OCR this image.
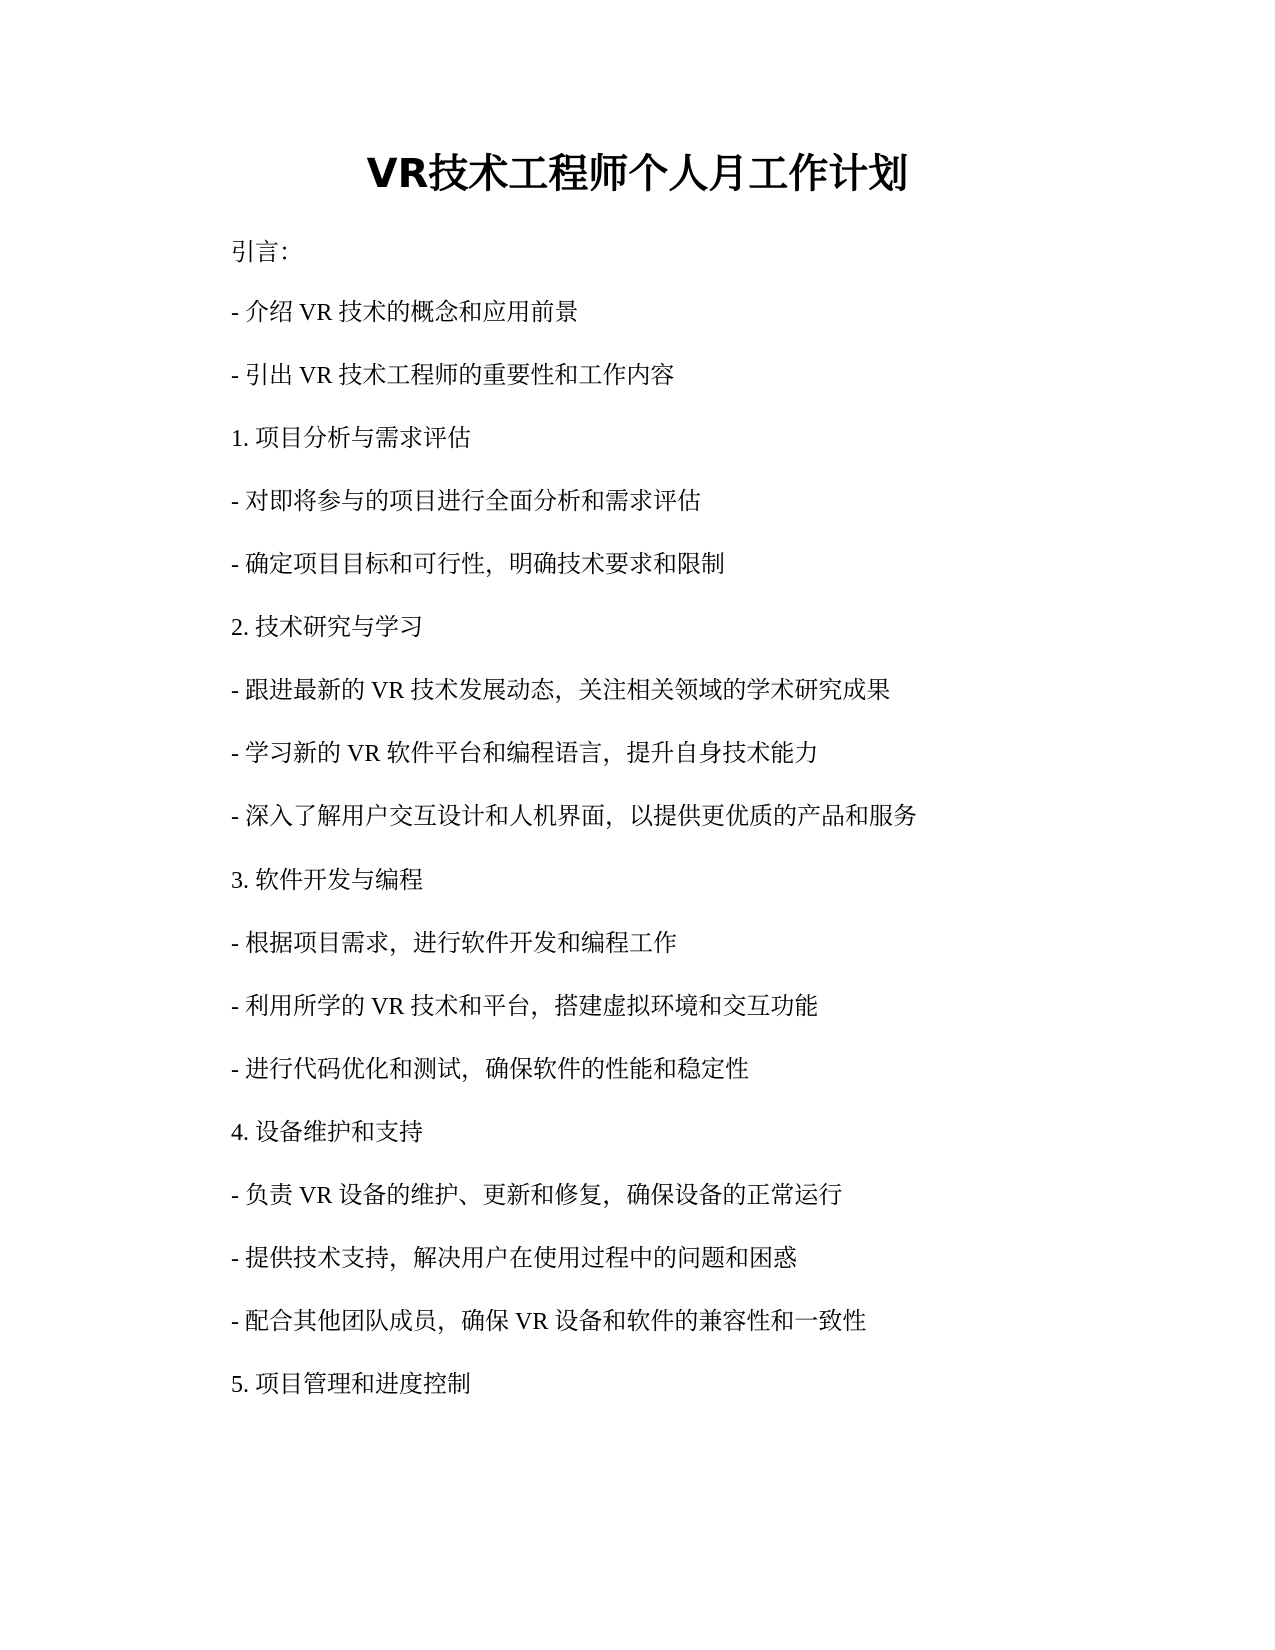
VR技术工程师个人月工作计划
引言：
- 介绍 VR 技术的概念和应用前景
- 引出 VR 技术工程师的重要性和工作内容
1. 项目分析与需求评估
- 对即将参与的项目进行全面分析和需求评估
- 确定项目目标和可行性，明确技术要求和限制
2. 技术研究与学习
- 跟进最新的 VR 技术发展动态，关注相关领域的学术研究成果
- 学习新的 VR 软件平台和编程语言，提升自身技术能力
- 深入了解用户交互设计和人机界面，以提供更优质的产品和服务
3. 软件开发与编程
- 根据项目需求，进行软件开发和编程工作
- 利用所学的 VR 技术和平台，搭建虚拟环境和交互功能
- 进行代码优化和测试，确保软件的性能和稳定性
4. 设备维护和支持
- 负责 VR 设备的维护、更新和修复，确保设备的正常运行
- 提供技术支持，解决用户在使用过程中的问题和困惑
- 配合其他团队成员，确保 VR 设备和软件的兼容性和一致性
5. 项目管理和进度控制
